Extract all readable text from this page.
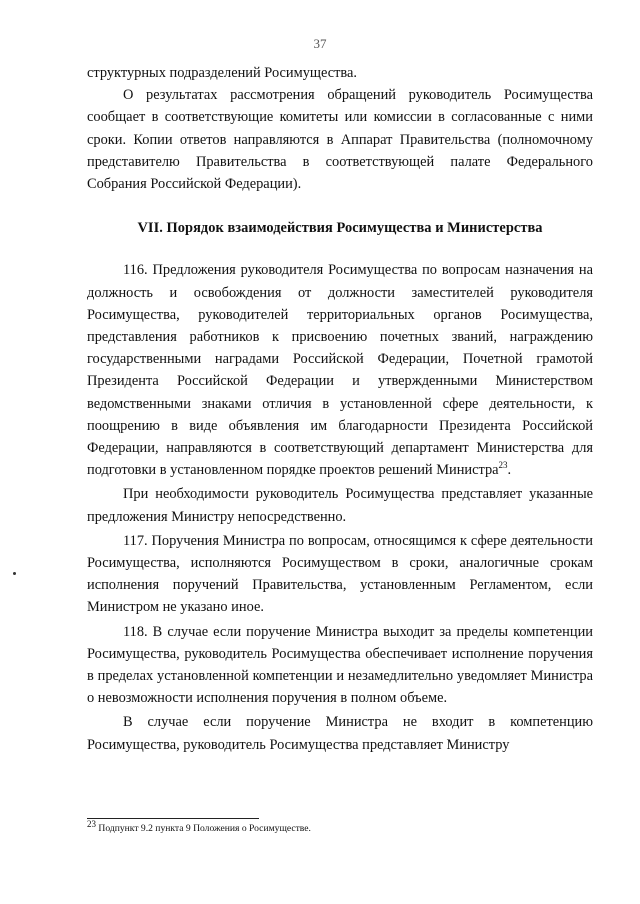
37

структурных подразделений Росимущества.

О результатах рассмотрения обращений руководитель Росимущества сообщает в соответствующие комитеты или комиссии в согласованные с ними сроки. Копии ответов направляются в Аппарат Правительства (полномочному представителю Правительства в соответствующей палате Федерального Собрания Российской Федерации).

VII. Порядок взаимодействия Росимущества и Министерства

116. Предложения руководителя Росимущества по вопросам назначения на должность и освобождения от должности заместителей руководителя Росимущества, руководителей территориальных органов Росимущества, представления работников к присвоению почетных званий, награждению государственными наградами Российской Федерации, Почетной грамотой Президента Российской Федерации и утвержденными Министерством ведомственными знаками отличия в установленной сфере деятельности, к поощрению в виде объявления им благодарности Президента Российской Федерации, направляются в соответствующий департамент Министерства для подготовки в установленном порядке проектов решений Министра$^{23}$.

При необходимости руководитель Росимущества представляет указанные предложения Министру непосредственно.

117. Поручения Министра по вопросам, относящимся к сфере деятельности Росимущества, исполняются Росимуществом в сроки, аналогичные срокам исполнения поручений Правительства, установленным Регламентом, если Министром не указано иное.

118. В случае если поручение Министра выходит за пределы компетенции Росимущества, руководитель Росимущества обеспечивает исполнение поручения в пределах установленной компетенции и незамедлительно уведомляет Министра о невозможности исполнения поручения в полном объеме.

В случае если поручение Министра не входит в компетенцию Росимущества, руководитель Росимущества представляет Министру

$^{23}$ Подпункт 9.2 пункта 9 Положения о Росимуществе.
